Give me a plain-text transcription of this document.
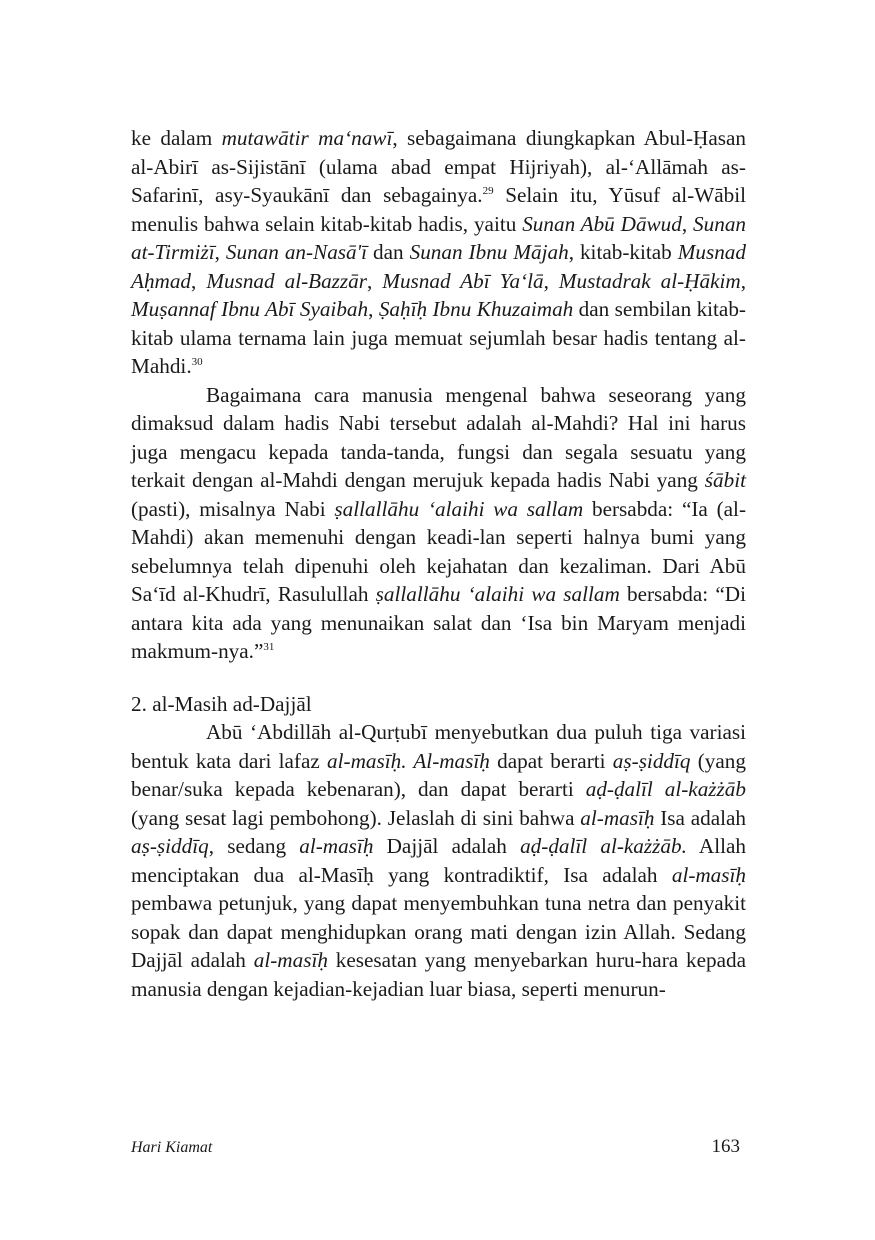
ke dalam mutawātir ma‘nawī, sebagaimana diungkapkan Abul-Ḥasan al-Abirī as-Sijistānī (ulama abad empat Hijriyah), al-‘Allāmah as-Safarinī, asy-Syaukānī dan sebagainya.$^{29}$ Selain itu, Yūsuf al-Wābil menulis bahwa selain kitab-kitab hadis, yaitu Sunan Abū Dāwud, Sunan at-Tirmiżī, Sunan an-Nasā'ī dan Sunan Ibnu Mājah, kitab-kitab Musnad Aḥmad, Musnad al-Bazzār, Musnad Abī Ya‘lā, Mustadrak al-Ḥākim, Muṣannaf Ibnu Abī Syaibah, Ṣaḥīḥ Ibnu Khuzaimah dan sembilan kitab-kitab ulama ternama lain juga memuat sejumlah besar hadis tentang al-Mahdi.$^{30}$

Bagaimana cara manusia mengenal bahwa seseorang yang dimaksud dalam hadis Nabi tersebut adalah al-Mahdi? Hal ini harus juga mengacu kepada tanda-tanda, fungsi dan segala sesuatu yang terkait dengan al-Mahdi dengan merujuk kepada hadis Nabi yang śābit (pasti), misalnya Nabi ṣallallāhu ‘alaihi wa sallam bersabda: “Ia (al-Mahdi) akan memenuhi dengan keadi-lan seperti halnya bumi yang sebelumnya telah dipenuhi oleh kejahatan dan kezaliman. Dari Abū Sa‘īd al-Khudrī, Rasulullah ṣallallāhu ‘alaihi wa sallam bersabda: “Di antara kita ada yang menunaikan salat dan ‘Isa bin Maryam menjadi makmum-nya.”$^{31}$

2. al-Masih ad-Dajjāl

Abū ‘Abdillāh al-Qurṭubī menyebutkan dua puluh tiga variasi bentuk kata dari lafaz al-masīḥ. Al-masīḥ dapat berarti aṣ-ṣiddīq (yang benar/suka kepada kebenaran), dan dapat berarti aḍ-ḍalīl al-każżāb (yang sesat lagi pembohong). Jelaslah di sini bahwa al-masīḥ Isa adalah aṣ-ṣiddīq, sedang al-masīḥ Dajjāl adalah aḍ-ḍalīl al-każżāb. Allah menciptakan dua al-Masīḥ yang kontradiktif, Isa adalah al-masīḥ pembawa petunjuk, yang dapat menyembuhkan tuna netra dan penyakit sopak dan dapat menghidupkan orang mati dengan izin Allah. Sedang Dajjāl adalah al-masīḥ kesesatan yang menyebarkan huru-hara kepada manusia dengan kejadian-kejadian luar biasa, seperti menurun-

Hari Kiamat	163
